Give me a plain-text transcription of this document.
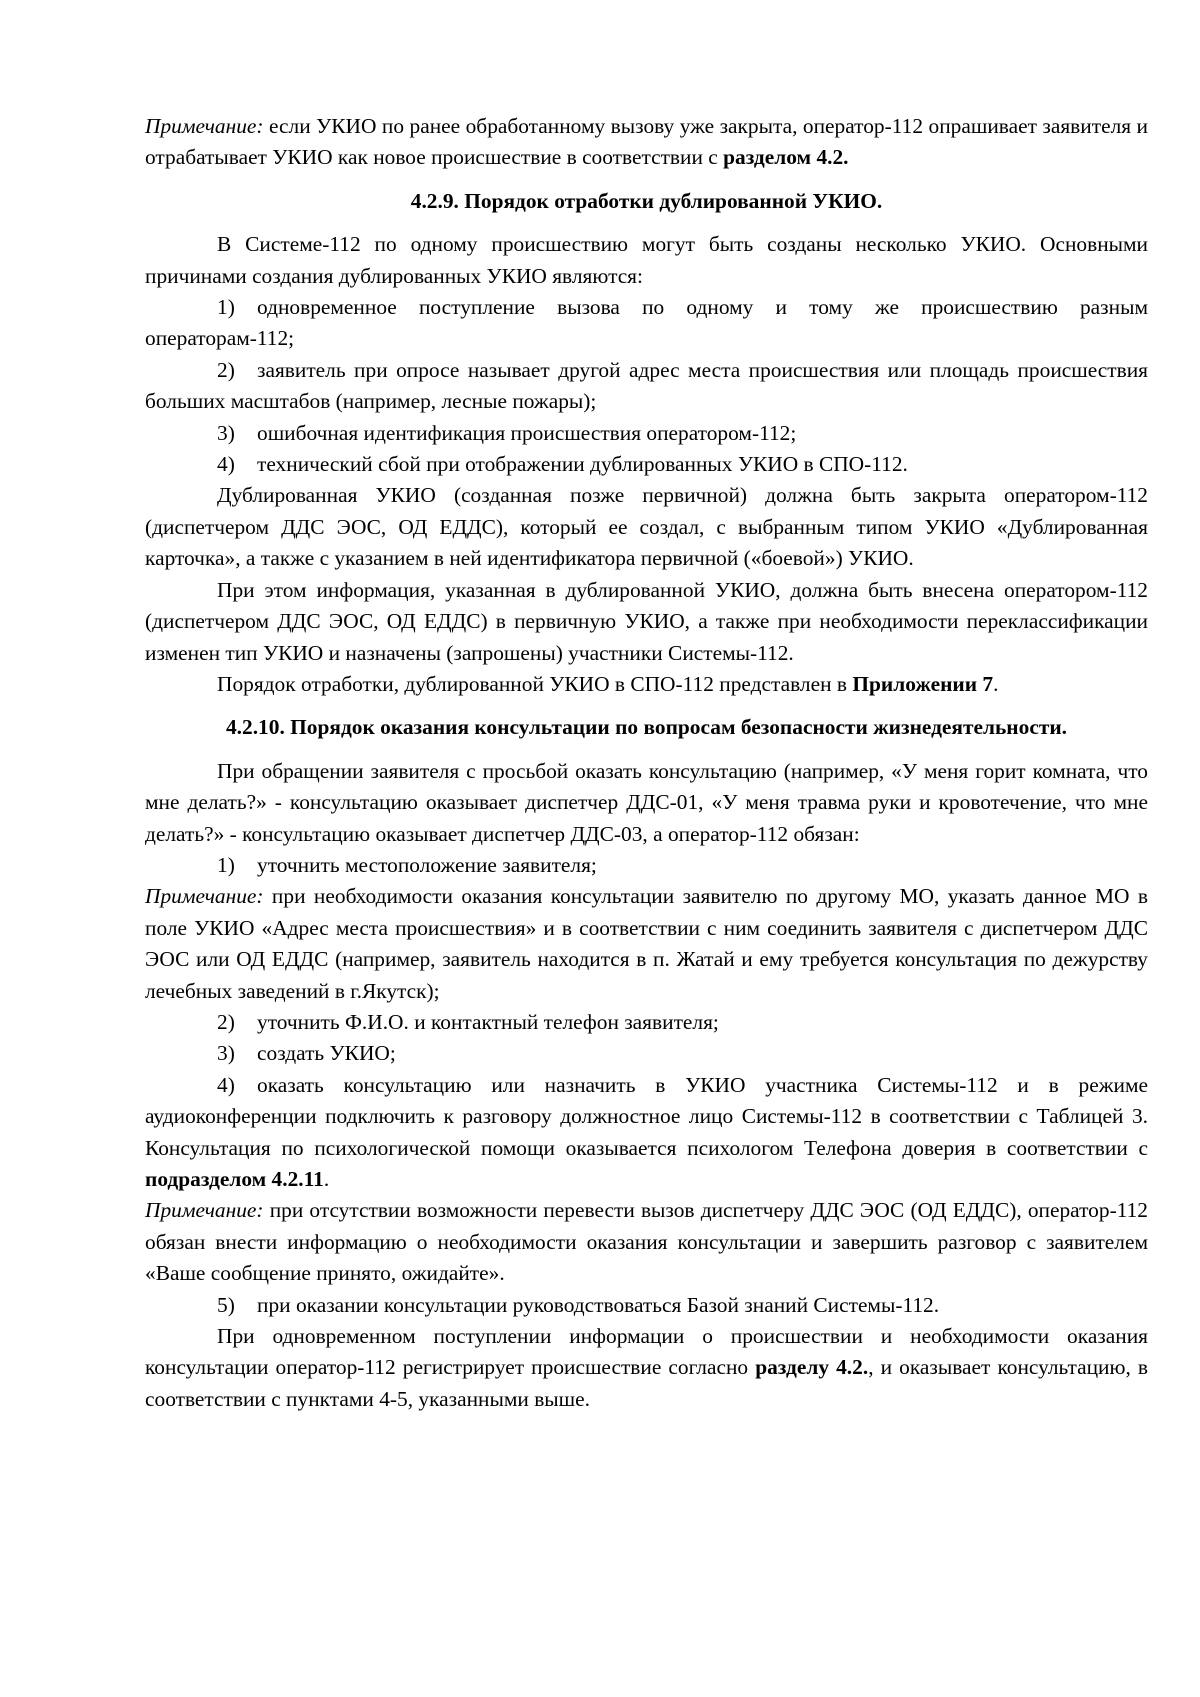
Примечание: если УКИО по ранее обработанному вызову уже закрыта, оператор-112 опрашивает заявителя и отрабатывает УКИО как новое происшествие в соответствии с разделом 4.2.

4.2.9. Порядок отработки дублированной УКИО.

В Системе-112 по одному происшествию могут быть созданы несколько УКИО. Основными причинами создания дублированных УКИО являются:

1) одновременное поступление вызова по одному и тому же происшествию разным операторам-112;

2) заявитель при опросе называет другой адрес места происшествия или площадь происшествия больших масштабов (например, лесные пожары);

3) ошибочная идентификация происшествия оператором-112;

4) технический сбой при отображении дублированных УКИО в СПО-112.

Дублированная УКИО (созданная позже первичной) должна быть закрыта оператором-112 (диспетчером ДДС ЭОС, ОД ЕДДС), который ее создал, с выбранным типом УКИО «Дублированная карточка», а также с указанием в ней идентификатора первичной («боевой») УКИО.

При этом информация, указанная в дублированной УКИО, должна быть внесена оператором-112 (диспетчером ДДС ЭОС, ОД ЕДДС) в первичную УКИО, а также при необходимости переклассификации изменен тип УКИО и назначены (запрошены) участники Системы-112.

Порядок отработки, дублированной УКИО в СПО-112 представлен в Приложении 7.

4.2.10. Порядок оказания консультации по вопросам безопасности жизнедеятельности.

При обращении заявителя с просьбой оказать консультацию (например, «У меня горит комната, что мне делать?» - консультацию оказывает диспетчер ДДС-01, «У меня травма руки и кровотечение, что мне делать?» - консультацию оказывает диспетчер ДДС-03, а оператор-112 обязан:

1) уточнить местоположение заявителя;

Примечание: при необходимости оказания консультации заявителю по другому МО, указать данное МО в поле УКИО «Адрес места происшествия» и в соответствии с ним соединить заявителя с диспетчером ДДС ЭОС или ОД ЕДДС (например, заявитель находится в п. Жатай и ему требуется консультация по дежурству лечебных заведений в г.Якутск);

2) уточнить Ф.И.О. и контактный телефон заявителя;

3) создать УКИО;

4) оказать консультацию или назначить в УКИО участника Системы-112 и в режиме аудиоконференции подключить к разговору должностное лицо Системы-112 в соответствии с Таблицей 3. Консультация по психологической помощи оказывается психологом Телефона доверия в соответствии с подразделом 4.2.11.

Примечание: при отсутствии возможности перевести вызов диспетчеру ДДС ЭОС (ОД ЕДДС), оператор-112 обязан внести информацию о необходимости оказания консультации и завершить разговор с заявителем «Ваше сообщение принято, ожидайте».

5) при оказании консультации руководствоваться Базой знаний Системы-112.

При одновременном поступлении информации о происшествии и необходимости оказания консультации оператор-112 регистрирует происшествие согласно разделу 4.2., и оказывает консультацию, в соответствии с пунктами 4-5, указанными выше.
